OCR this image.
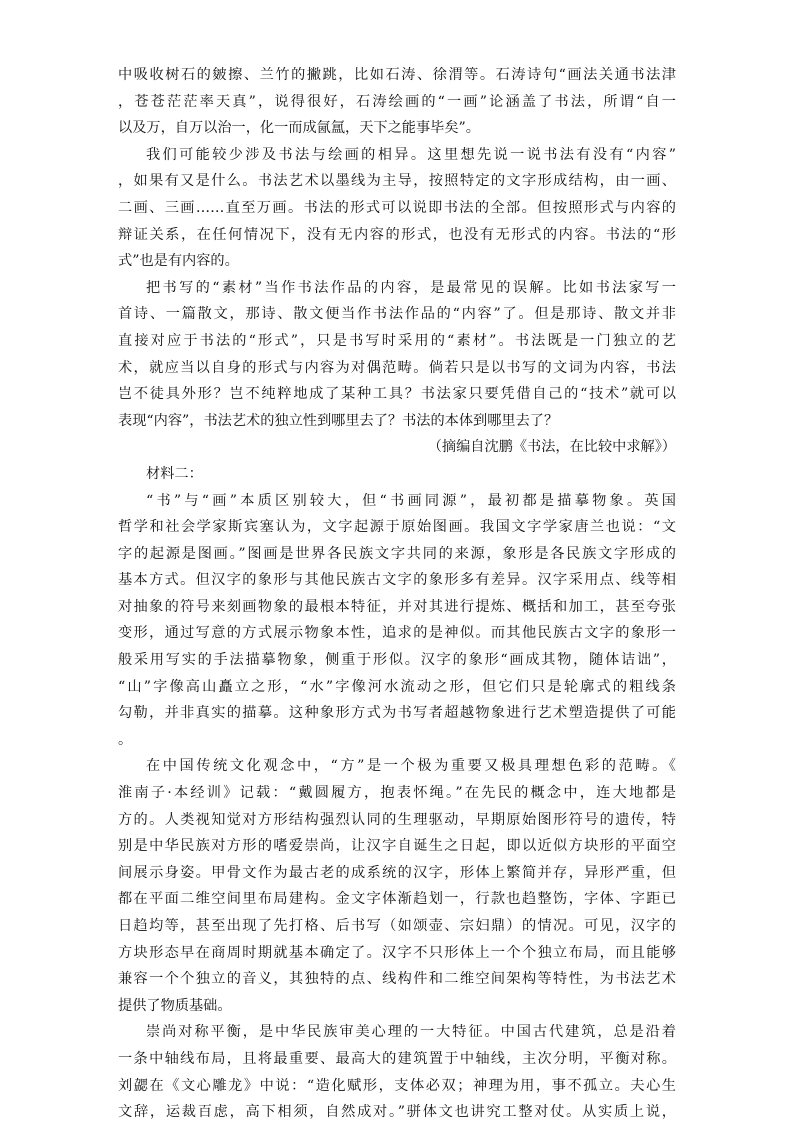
中吸收树石的皴擦、兰竹的撇跳，比如石涛、徐渭等。石涛诗句“画法关通书法津
，苍苍茫茫率天真”，说得很好，石涛绘画的“一画”论涵盖了书法，所谓“自一
以及万，自万以治一，化一而成氤氲，天下之能事毕矣”。
我们可能较少涉及书法与绘画的相异。这里想先说一说书法有没有“内容”
，如果有又是什么。书法艺术以墨线为主导，按照特定的文字形成结构，由一画、
二画、三画……直至万画。书法的形式可以说即书法的全部。但按照形式与内容的
辩证关系，在任何情况下，没有无内容的形式，也没有无形式的内容。书法的“形
式”也是有内容的。
把书写的“素材”当作书法作品的内容，是最常见的误解。比如书法家写一
首诗、一篇散文，那诗、散文便当作书法作品的“内容”了。但是那诗、散文并非
直接对应于书法的“形式”，只是书写时采用的“素材”。书法既是一门独立的艺
术，就应当以自身的形式与内容为对偶范畴。倘若只是以书写的文词为内容，书法
岂不徒具外形？岂不纯粹地成了某种工具？书法家只要凭借自己的“技术”就可以
表现“内容”，书法艺术的独立性到哪里去了？书法的本体到哪里去了？
（摘编自沈鹏《书法，在比较中求解》）
材料二：
“书”与“画”本质区别较大，但“书画同源”，最初都是描摹物象。英国
哲学和社会学家斯宾塞认为，文字起源于原始图画。我国文字学家唐兰也说：“文
字的起源是图画。”图画是世界各民族文字共同的来源，象形是各民族文字形成的
基本方式。但汉字的象形与其他民族古文字的象形多有差异。汉字采用点、线等相
对抽象的符号来刻画物象的最根本特征，并对其进行提炼、概括和加工，甚至夸张
变形，通过写意的方式展示物象本性，追求的是神似。而其他民族古文字的象形一
般采用写实的手法描摹物象，侧重于形似。汉字的象形“画成其物，随体诘诎”，
“山”字像高山矗立之形，“水”字像河水流动之形，但它们只是轮廓式的粗线条
勾勒，并非真实的描摹。这种象形方式为书写者超越物象进行艺术塑造提供了可能
。
在中国传统文化观念中，“方”是一个极为重要又极具理想色彩的范畴。《
淮南子·本经训》记载：“戴圆履方，抱表怀绳。”在先民的概念中，连大地都是
方的。人类视知觉对方形结构强烈认同的生理驱动，早期原始图形符号的遗传，特
别是中华民族对方形的嗜爱崇尚，让汉字自诞生之日起，即以近似方块形的平面空
间展示身姿。甲骨文作为最古老的成系统的汉字，形体上繁简并存，异形严重，但
都在平面二维空间里布局建构。金文字体渐趋划一，行款也趋整饬，字体、字距已
日趋均等，甚至出现了先打格、后书写（如颂壶、宗妇鼎）的情况。可见，汉字的
方块形态早在商周时期就基本确定了。汉字不只形体上一个个独立布局，而且能够
兼容一个个独立的音义，其独特的点、线构件和二维空间架构等特性，为书法艺术
提供了物质基础。
崇尚对称平衡，是中华民族审美心理的一大特征。中国古代建筑，总是沿着
一条中轴线布局，且将最重要、最高大的建筑置于中轴线，主次分明，平衡对称。
刘勰在《文心雕龙》中说：“造化赋形，支体必双；神理为用，事不孤立。夫心生
文辞，运裁百虑，高下相须，自然成对。”骈体文也讲究工整对仗。从实质上说，
